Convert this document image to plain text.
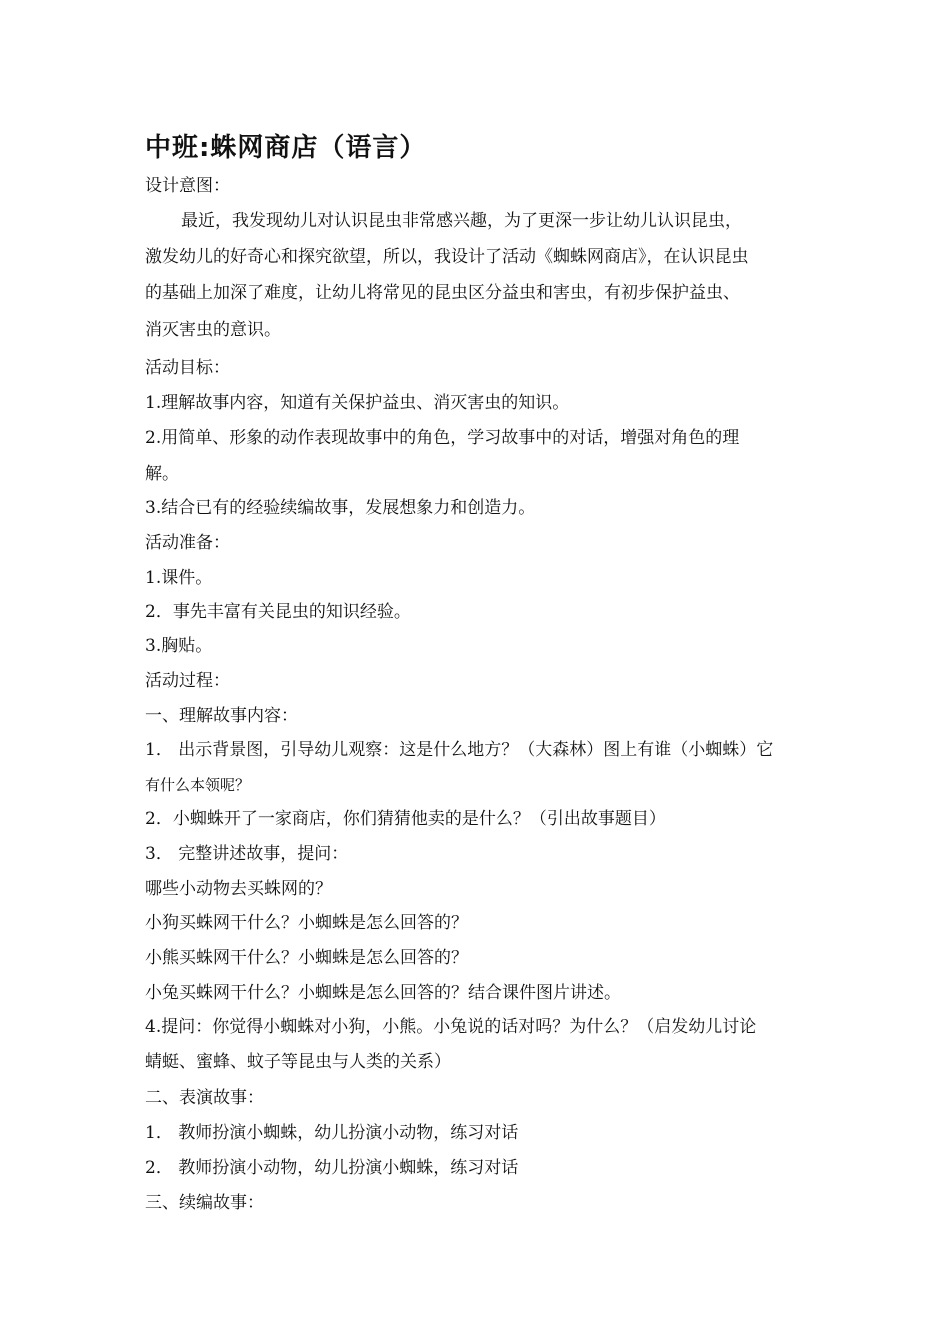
中班:蛛网商店（语言）
设计意图：
最近，我发现幼儿对认识昆虫非常感兴趣，为了更深一步让幼儿认识昆虫，
激发幼儿的好奇心和探究欲望，所以，我设计了活动《蜘蛛网商店》，在认识昆虫
的基础上加深了难度，让幼儿将常见的昆虫区分益虫和害虫，有初步保护益虫、
消灭害虫的意识。
活动目标：
1.理解故事内容，知道有关保护益虫、消灭害虫的知识。
2.用简单、形象的动作表现故事中的角色，学习故事中的对话，增强对角色的理
解。
3.结合已有的经验续编故事，发展想象力和创造力。
活动准备：
1.课件。
2．事先丰富有关昆虫的知识经验。
3.胸贴。
活动过程：
一、理解故事内容：
1． 出示背景图，引导幼儿观察：这是什么地方？（大森林）图上有谁（小蜘蛛）它
有什么本领呢？
2．小蜘蛛开了一家商店，你们猜猜他卖的是什么？（引出故事题目）
3． 完整讲述故事，提问：
哪些小动物去买蛛网的？
小狗买蛛网干什么？小蜘蛛是怎么回答的？
小熊买蛛网干什么？小蜘蛛是怎么回答的？
小兔买蛛网干什么？小蜘蛛是怎么回答的？结合课件图片讲述。
4.提问：你觉得小蜘蛛对小狗，小熊。小兔说的话对吗？为什么？（启发幼儿讨论
蜻蜓、蜜蜂、蚊子等昆虫与人类的关系）
二、表演故事：
1． 教师扮演小蜘蛛，幼儿扮演小动物，练习对话
2． 教师扮演小动物，幼儿扮演小蜘蛛，练习对话
三、续编故事：
